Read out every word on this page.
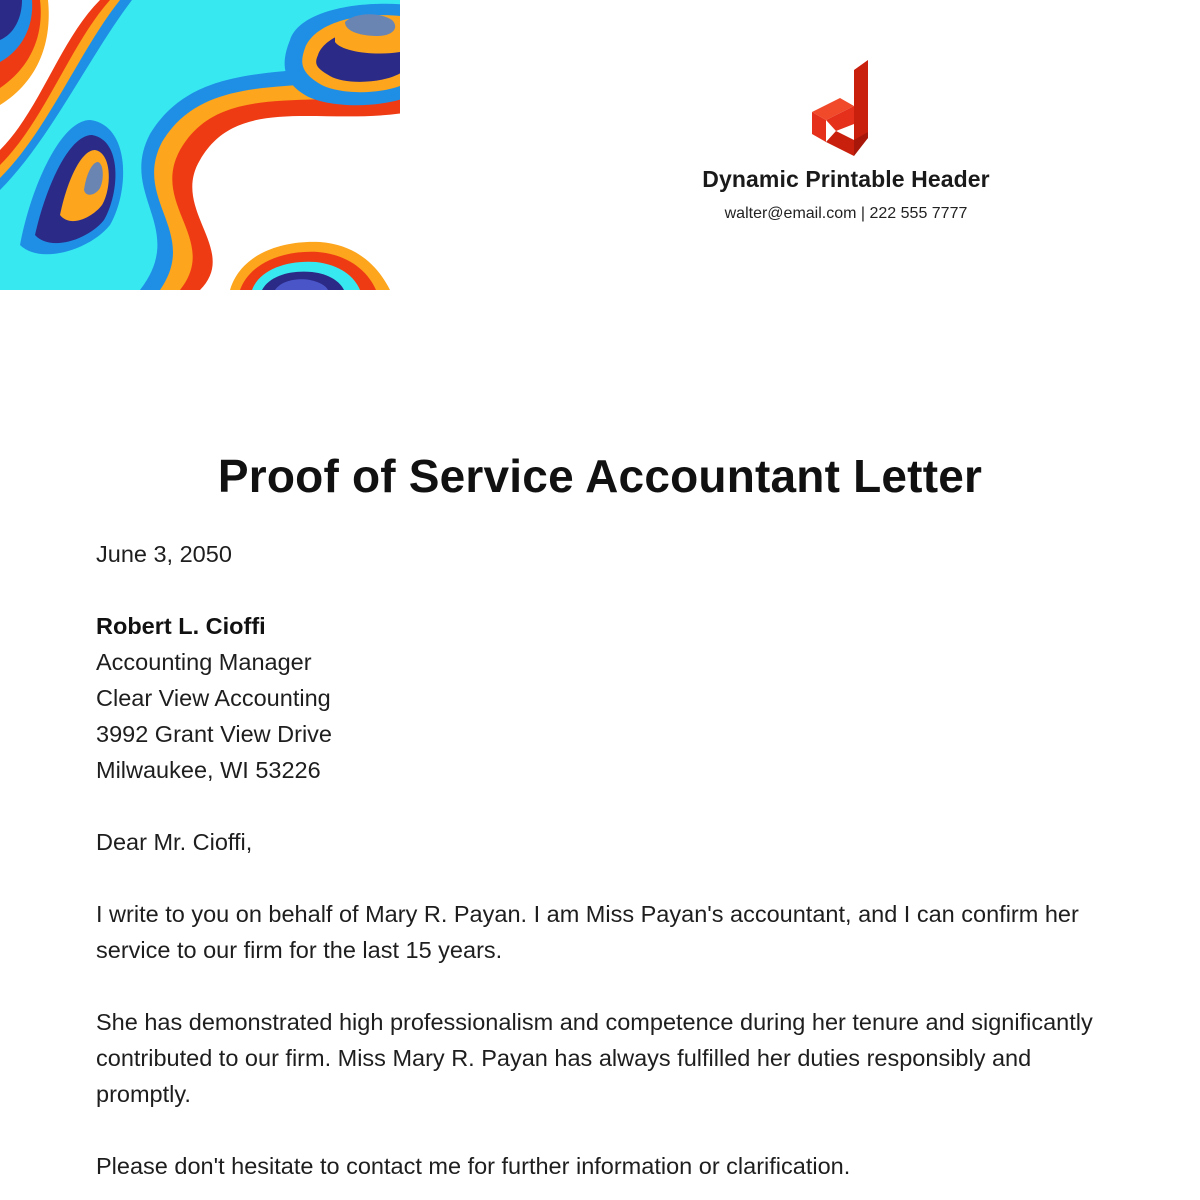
Dynamic Printable Header
walter@email.com | 222 555 7777
Proof of Service Accountant Letter

June 3, 2050

Robert L. Cioffi

Accounting Manager

Clear View Accounting

3992 Grant View Drive

Milwaukee, WI 53226

Dear Mr. Cioffi,

I write to you on behalf of Mary R. Payan. I am Miss Payan's accountant, and I can confirm her service to our firm for the last 15 years.

She has demonstrated high professionalism and competence during her tenure and significantly contributed to our firm. Miss Mary R. Payan has always fulfilled her duties responsibly and promptly.

Please don't hesitate to contact me for further information or clarification.
